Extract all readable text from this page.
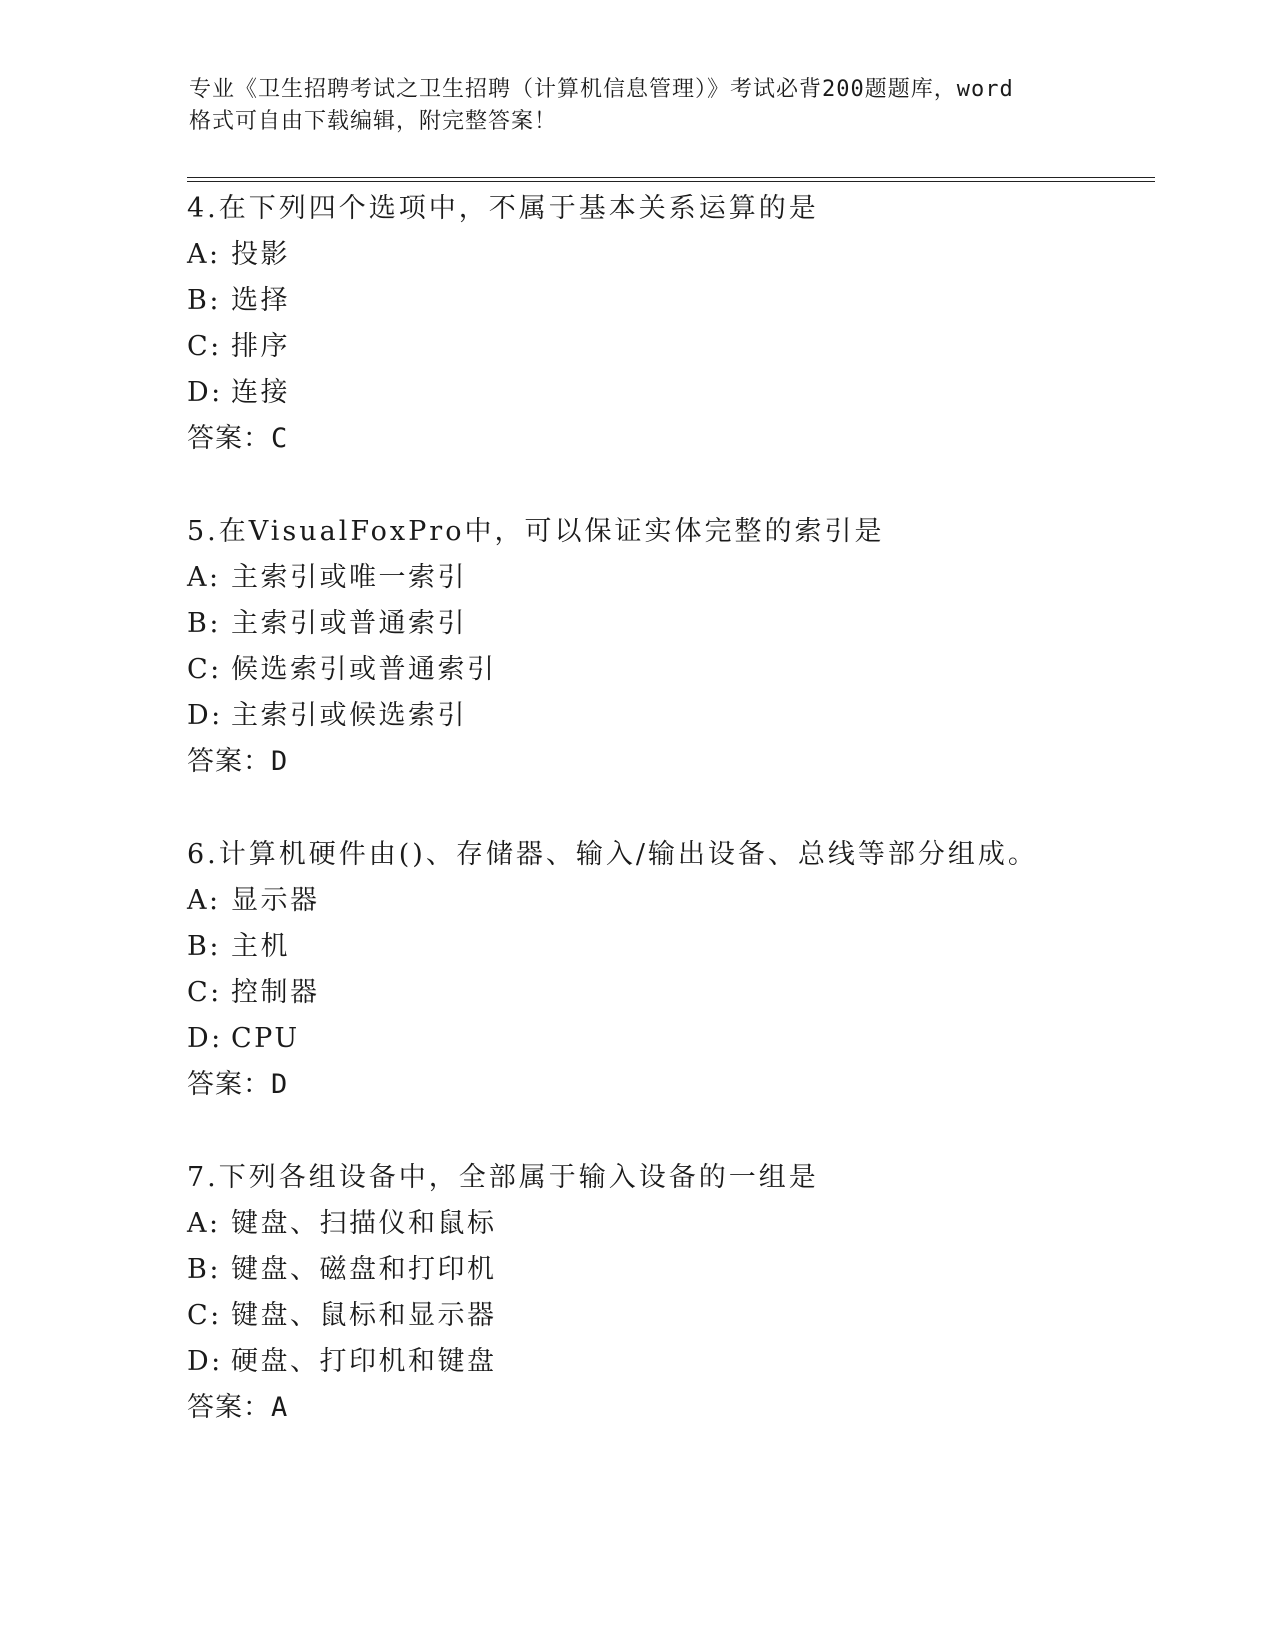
专业《卫生招聘考试之卫生招聘（计算机信息管理）》考试必背200题题库，word
格式可自由下载编辑，附完整答案！
4.在下列四个选项中，不属于基本关系运算的是
A: 投影
B: 选择
C: 排序
D: 连接
答案：C
5.在VisualFoxPro中，可以保证实体完整的索引是
A: 主索引或唯一索引
B: 主索引或普通索引
C: 候选索引或普通索引
D: 主索引或候选索引
答案：D
6.计算机硬件由()、存储器、输入/输出设备、总线等部分组成。
A: 显示器
B: 主机
C: 控制器
D: CPU
答案：D
7.下列各组设备中，全部属于输入设备的一组是
A: 键盘、扫描仪和鼠标
B: 键盘、磁盘和打印机
C: 键盘、鼠标和显示器
D: 硬盘、打印机和键盘
答案：A
